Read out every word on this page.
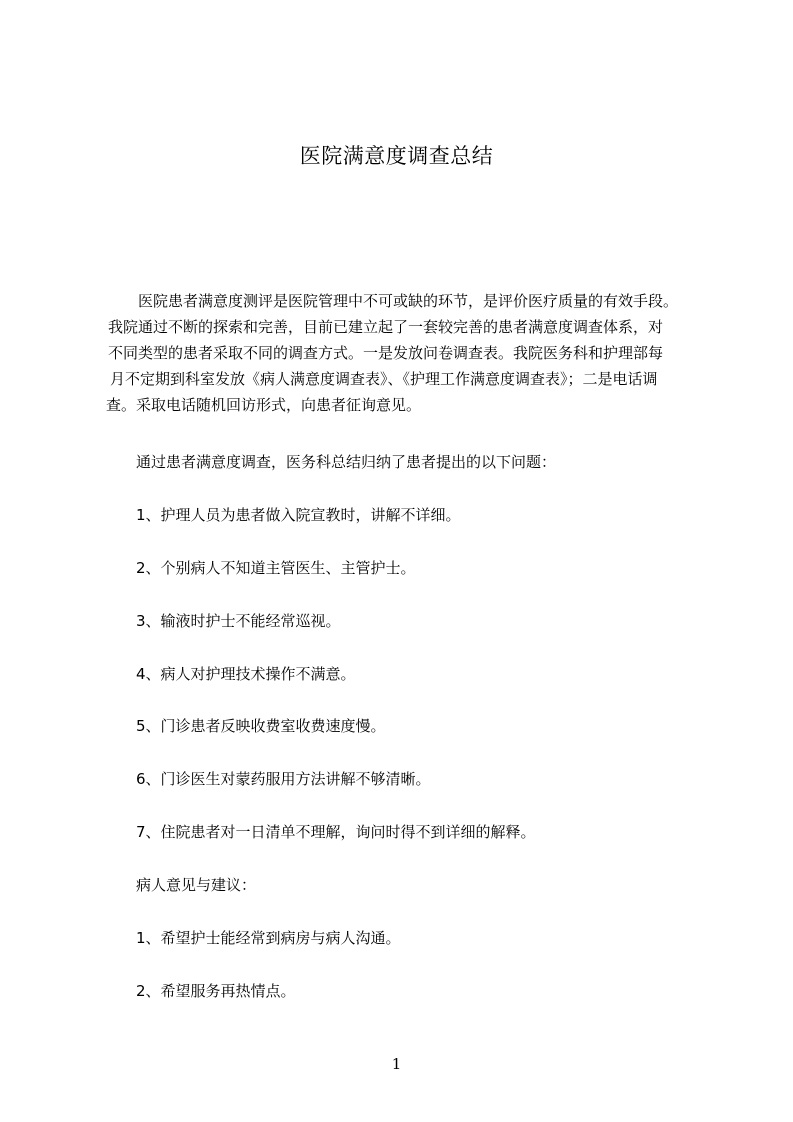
医院满意度调查总结
医院患者满意度测评是医院管理中不可或缺的环节，是评价医疗质量的有效手段。
我院通过不断的探索和完善，目前已建立起了一套较完善的患者满意度调查体系，对
不同类型的患者采取不同的调查方式。一是发放问卷调查表。我院医务科和护理部每
月不定期到科室发放《病人满意度调查表》、《护理工作满意度调查表》；二是电话调
查。采取电话随机回访形式，向患者征询意见。
通过患者满意度调查，医务科总结归纳了患者提出的以下问题：
1、护理人员为患者做入院宣教时，讲解不详细。
2、个别病人不知道主管医生、主管护士。
3、输液时护士不能经常巡视。
4、病人对护理技术操作不满意。
5、门诊患者反映收费室收费速度慢。
6、门诊医生对蒙药服用方法讲解不够清晰。
7、住院患者对一日清单不理解，询问时得不到详细的解释。
病人意见与建议：
1、希望护士能经常到病房与病人沟通。
2、希望服务再热情点。
1
